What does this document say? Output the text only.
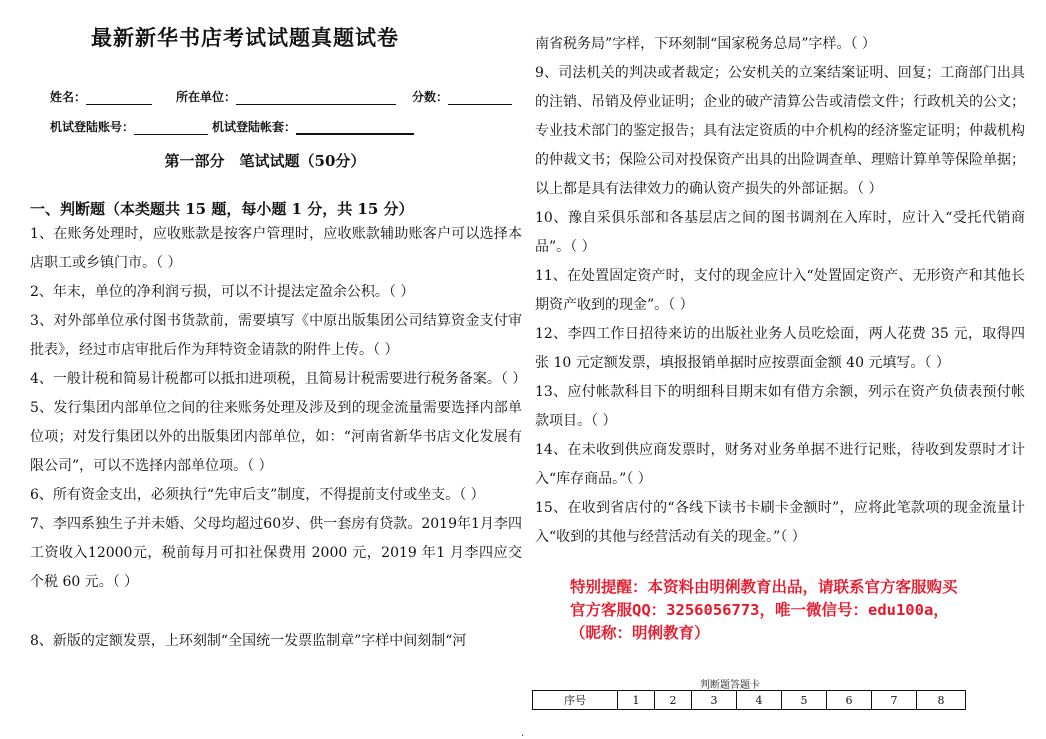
最新新华书店考试试题真题试卷
姓名：	所在单位：	分数：
机试登陆账号：	机试登陆帐套：
第一部分　笔试试题（50分）
一、判断题（本类题共 15 题，每小题 1 分，共 15 分）

1、在账务处理时，应收账款是按客户管理时，应收账款辅助账客户可以选择本店职工或乡镇门市。（ ）

2、年末，单位的净利润亏损，可以不计提法定盈余公积。（ ）

3、对外部单位承付图书货款前，需要填写《中原出版集团公司结算资金支付审批表》，经过市店审批后作为拜特资金请款的附件上传。（ ）

4、一般计税和简易计税都可以抵扣进项税，且简易计税需要进行税务备案。（ ）

5、发行集团内部单位之间的往来账务处理及涉及到的现金流量需要选择内部单位项；对发行集团以外的出版集团内部单位，如：“河南省新华书店文化发展有限公司”，可以不选择内部单位项。（ ）

6、所有资金支出，必须执行“先审后支”制度，不得提前支付或坐支。（ ）

7、李四系独生子并未婚、父母均超过60岁、供一套房有贷款。2019年1月李四工资收入12000元，税前每月可扣社保费用 2000 元，2019 年1 月李四应交个税 60 元。（ ）

8、新版的定额发票，上环刻制“全国统一发票监制章”字样中间刻制“河

南省税务局”字样，下环刻制“国家税务总局”字样。（ ）

9、司法机关的判决或者裁定；公安机关的立案结案证明、回复；工商部门出具的注销、吊销及停业证明；企业的破产清算公告或清偿文件；行政机关的公文；专业技术部门的鉴定报告；具有法定资质的中介机构的经济鉴定证明；仲裁机构的仲裁文书；保险公司对投保资产出具的出险调查单、理赔计算单等保险单据；以上都是具有法律效力的确认资产损失的外部证据。（ ）

10、豫自采俱乐部和各基层店之间的图书调剂在入库时，应计入“受托代销商品”。（ ）

11、在处置固定资产时，支付的现金应计入“处置固定资产、无形资产和其他长期资产收到的现金”。（ ）

12、李四工作日招待来访的出版社业务人员吃烩面，两人花费 35 元，取得四张 10 元定额发票，填报报销单据时应按票面金额 40 元填写。（ ）

13、应付帐款科目下的明细科目期末如有借方余额，列示在资产负债表预付帐款项目。（ ）

14、在未收到供应商发票时，财务对业务单据不进行记账，待收到发票时才计入“库存商品。”（ ）

15、在收到省店付的“各线下读书卡刷卡金额时”，应将此笔款项的现金流量计入“收到的其他与经营活动有关的现金。”（ ）

特别提醒：本资料由明俐教育出品，请联系官方客服购买
官方客服QQ：3256056773，唯一微信号：edu100a，
（昵称：明俐教育）
判断题答题卡
序号	1	2	3	4	5	6	7	8
.
